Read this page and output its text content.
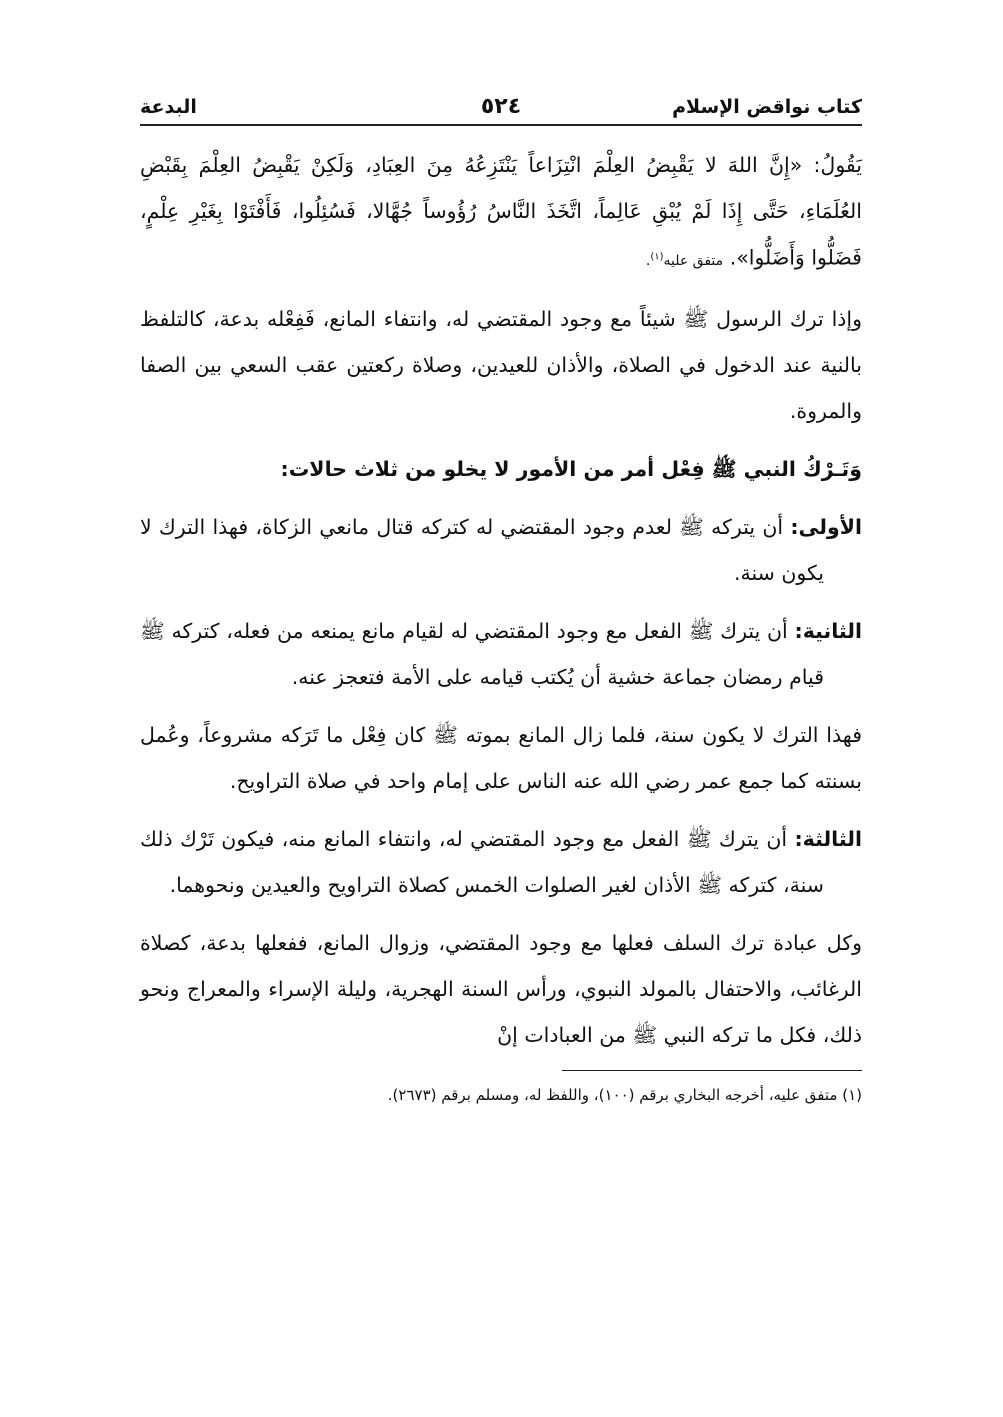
كتاب نواقض الإسلام
٥٢٤
البدعة

يَقُولُ: «إِنَّ اللهَ لا يَقْبِضُ العِلْمَ انْتِزَاعاً يَنْتَزِعُهُ مِنَ العِبَادِ، وَلَكِنْ يَقْبِضُ العِلْمَ بِقَبْضِ العُلَمَاءِ، حَتَّى إِذَا لَمْ يُبْقِ عَالِماً، اتَّخَذَ النَّاسُ رُؤُوساً جُهَّالا، فَسُئِلُوا، فَأَفْتَوْا بِغَيْرِ عِلْمٍ، فَضَلُّوا وَأَضَلُّوا». متفق عليه$^{(١)}$.

وإذا ترك الرسول ﷺ شيئاً مع وجود المقتضي له، وانتفاء المانع، فَفِعْله بدعة، كالتلفظ بالنية عند الدخول في الصلاة، والأذان للعيدين، وصلاة ركعتين عقب السعي بين الصفا والمروة.

وَتَـرْكُ النبي ﷺ فِعْل أمر من الأمور لا يخلو من ثلاث حالات:

الأولى: أن يتركه ﷺ لعدم وجود المقتضي له كتركه قتال مانعي الزكاة، فهذا الترك لا يكون سنة.

الثانية: أن يترك ﷺ الفعل مع وجود المقتضي له لقيام مانع يمنعه من فعله، كتركه ﷺ قيام رمضان جماعة خشية أن يُكتب قيامه على الأمة فتعجز عنه.

فهذا الترك لا يكون سنة، فلما زال المانع بموته ﷺ كان فِعْل ما تَرَكه مشروعاً، وعُمل بسنته كما جمع عمر رضي الله عنه الناس على إمام واحد في صلاة التراويح.

الثالثة: أن يترك ﷺ الفعل مع وجود المقتضي له، وانتفاء المانع منه، فيكون تَرْك ذلك سنة، كتركه ﷺ الأذان لغير الصلوات الخمس كصلاة التراويح والعيدين ونحوهما.

وكل عبادة ترك السلف فعلها مع وجود المقتضي، وزوال المانع، ففعلها بدعة، كصلاة الرغائب، والاحتفال بالمولد النبوي، ورأس السنة الهجرية، وليلة الإسراء والمعراج ونحو ذلك، فكل ما تركه النبي ﷺ من العبادات إنْ

(١) متفق عليه، أخرجه البخاري برقم (١٠٠)، واللفظ له، ومسلم برقم (٢٦٧٣).
